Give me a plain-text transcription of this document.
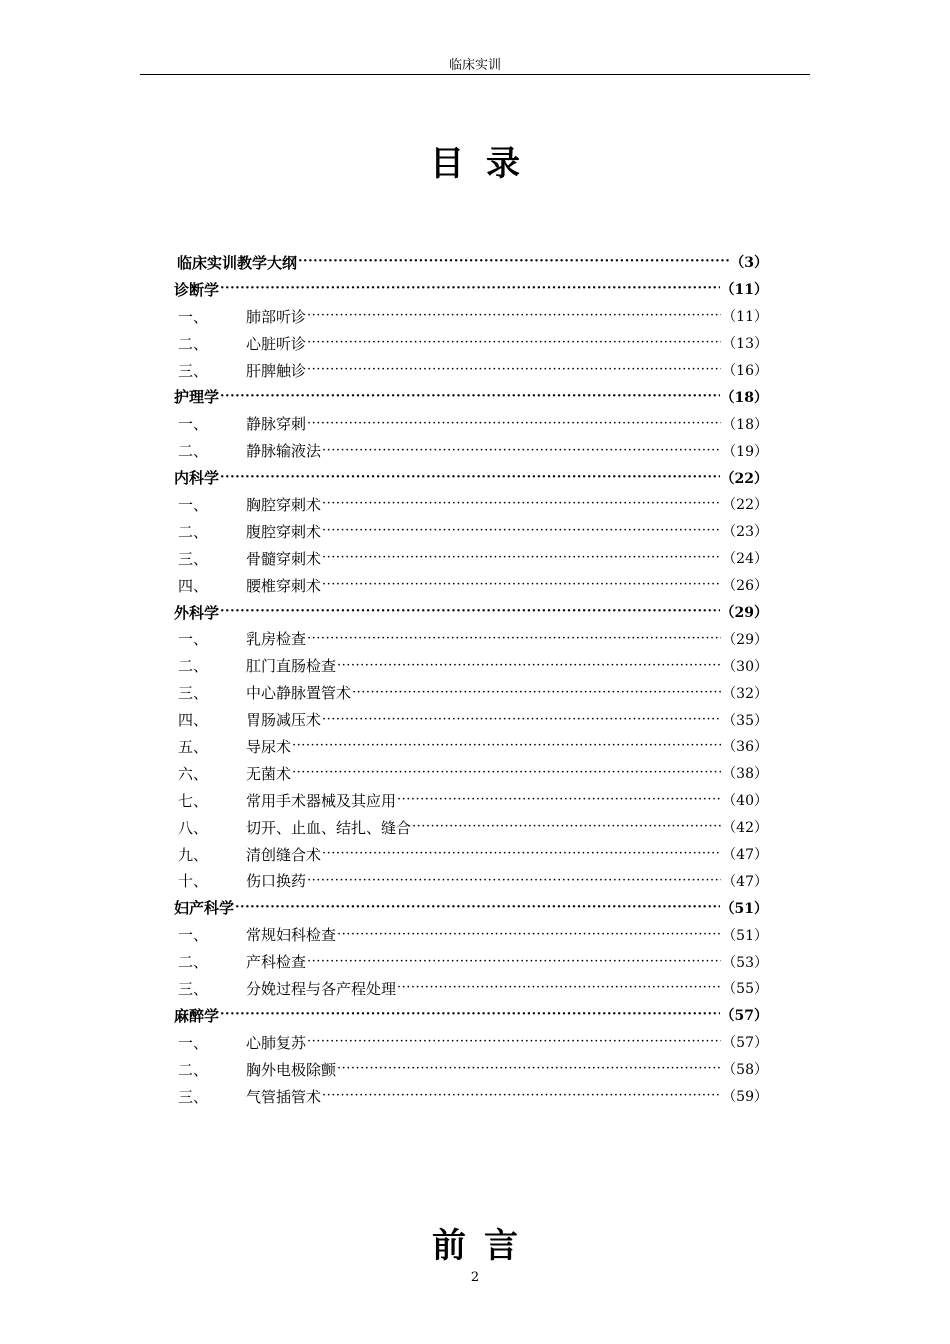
临床实训
目 录
临床实训教学大纲 ·····	（3）
诊断学 ·····	（11）
一、	肺部听诊 ·····	（11）
二、	心脏听诊 ·····	（13）
三、	肝脾触诊 ·····	（16）
护理学 ·····	（18）
一、	静脉穿刺 ·····	（18）
二、	静脉输液法 ·····	（19）
内科学 ·····	（22）
一、	胸腔穿刺术 ·····	（22）
二、	腹腔穿刺术 ·····	（23）
三、	骨髓穿刺术 ·····	（24）
四、	腰椎穿刺术 ·····	（26）
外科学 ·····	（29）
一、	乳房检查 ·····	（29）
二、	肛门直肠检查 ·····	（30）
三、	中心静脉置管术 ·····	（32）
四、	胃肠减压术 ·····	（35）
五、	导尿术 ·····	（36）
六、	无菌术 ·····	（38）
七、	常用手术器械及其应用 ·····	（40）
八、	切开、止血、结扎、缝合 ·····	（42）
九、	清创缝合术 ·····	（47）
十、	伤口换药 ·····	（47）
妇产科学 ·····	（51）
一、	常规妇科检查 ·····	（51）
二、	产科检查 ·····	（53）
三、	分娩过程与各产程处理 ·····	（55）
麻醉学 ·····	（57）
一、	心肺复苏 ·····	（57）
二、	胸外电极除颤 ·····	（58）
三、	气管插管术 ·····	（59）
前 言
2
